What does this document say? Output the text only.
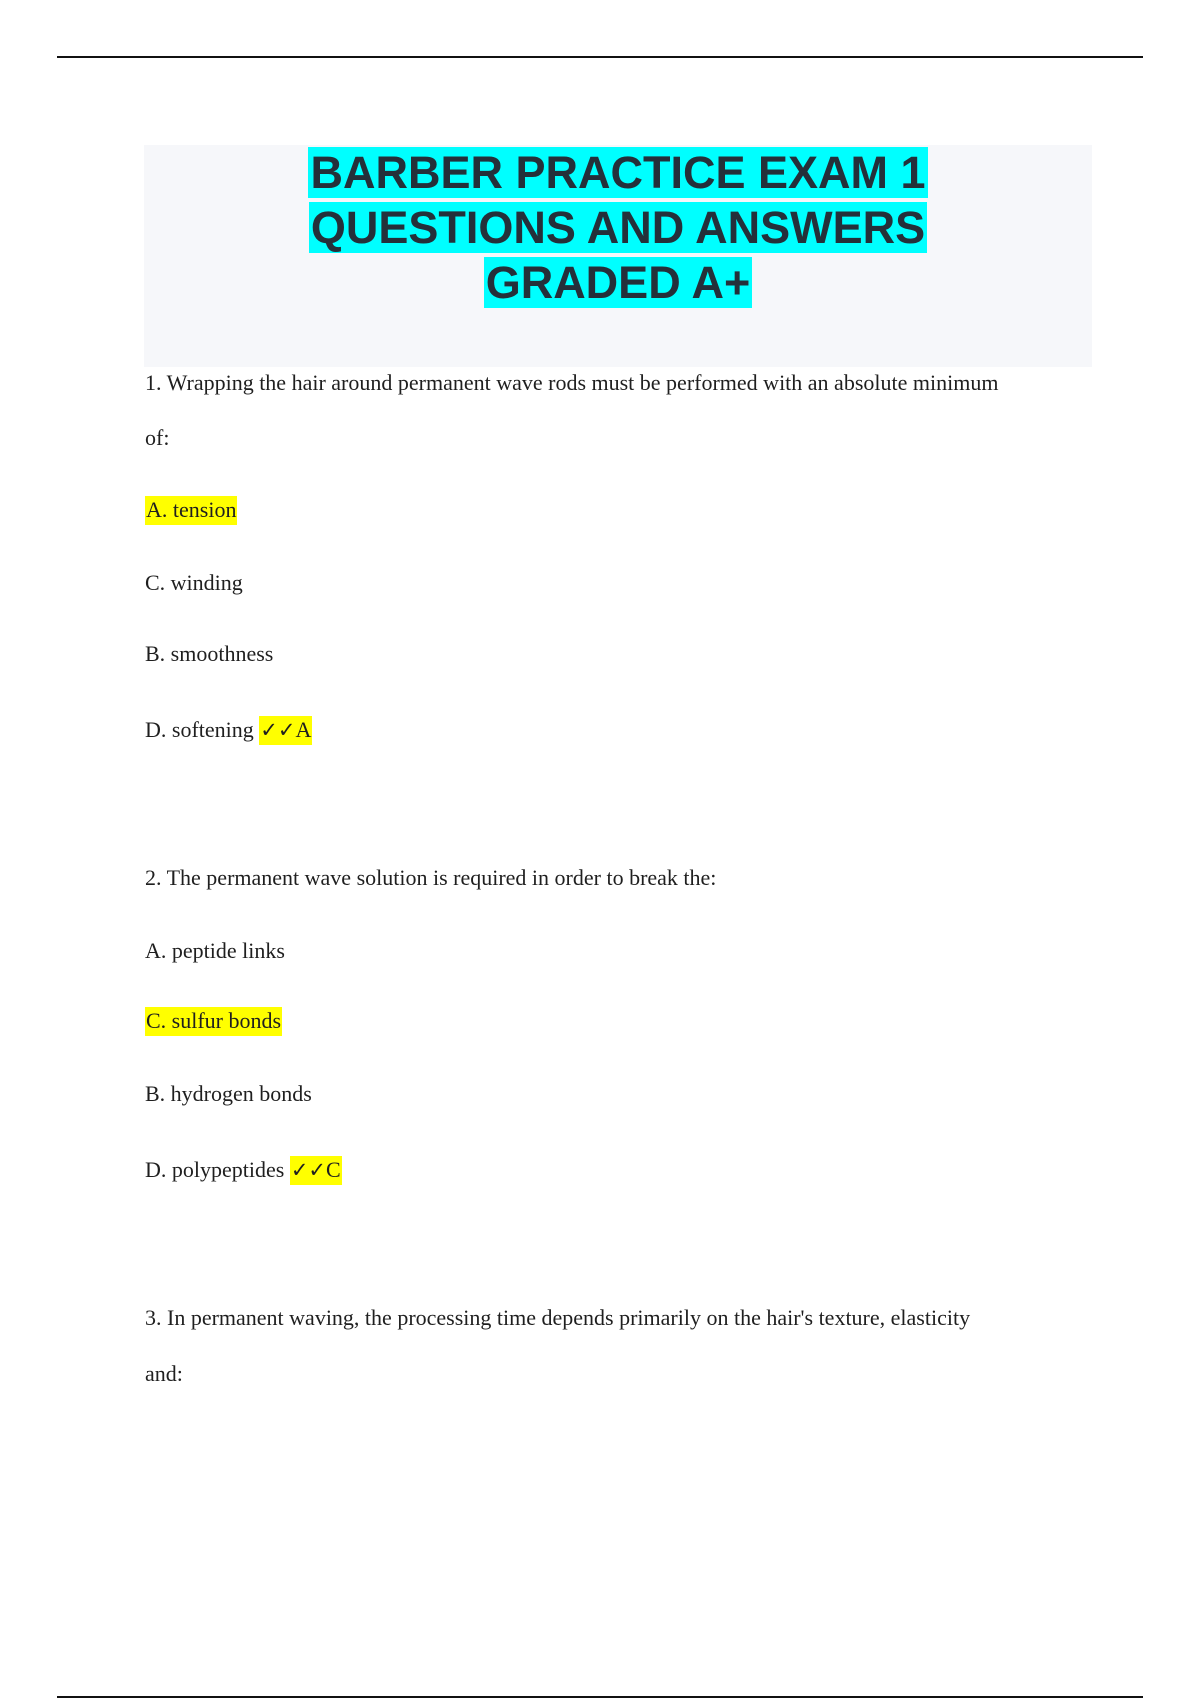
BARBER PRACTICE EXAM 1
QUESTIONS AND ANSWERS
GRADED A+

1. Wrapping the hair around permanent wave rods must be performed with an absolute minimum

of:

A. tension

C. winding

B. smoothness

D. softening ✓✓A

2. The permanent wave solution is required in order to break the:

A. peptide links

C. sulfur bonds

B. hydrogen bonds

D. polypeptides ✓✓C

3. In permanent waving, the processing time depends primarily on the hair's texture, elasticity

and:
